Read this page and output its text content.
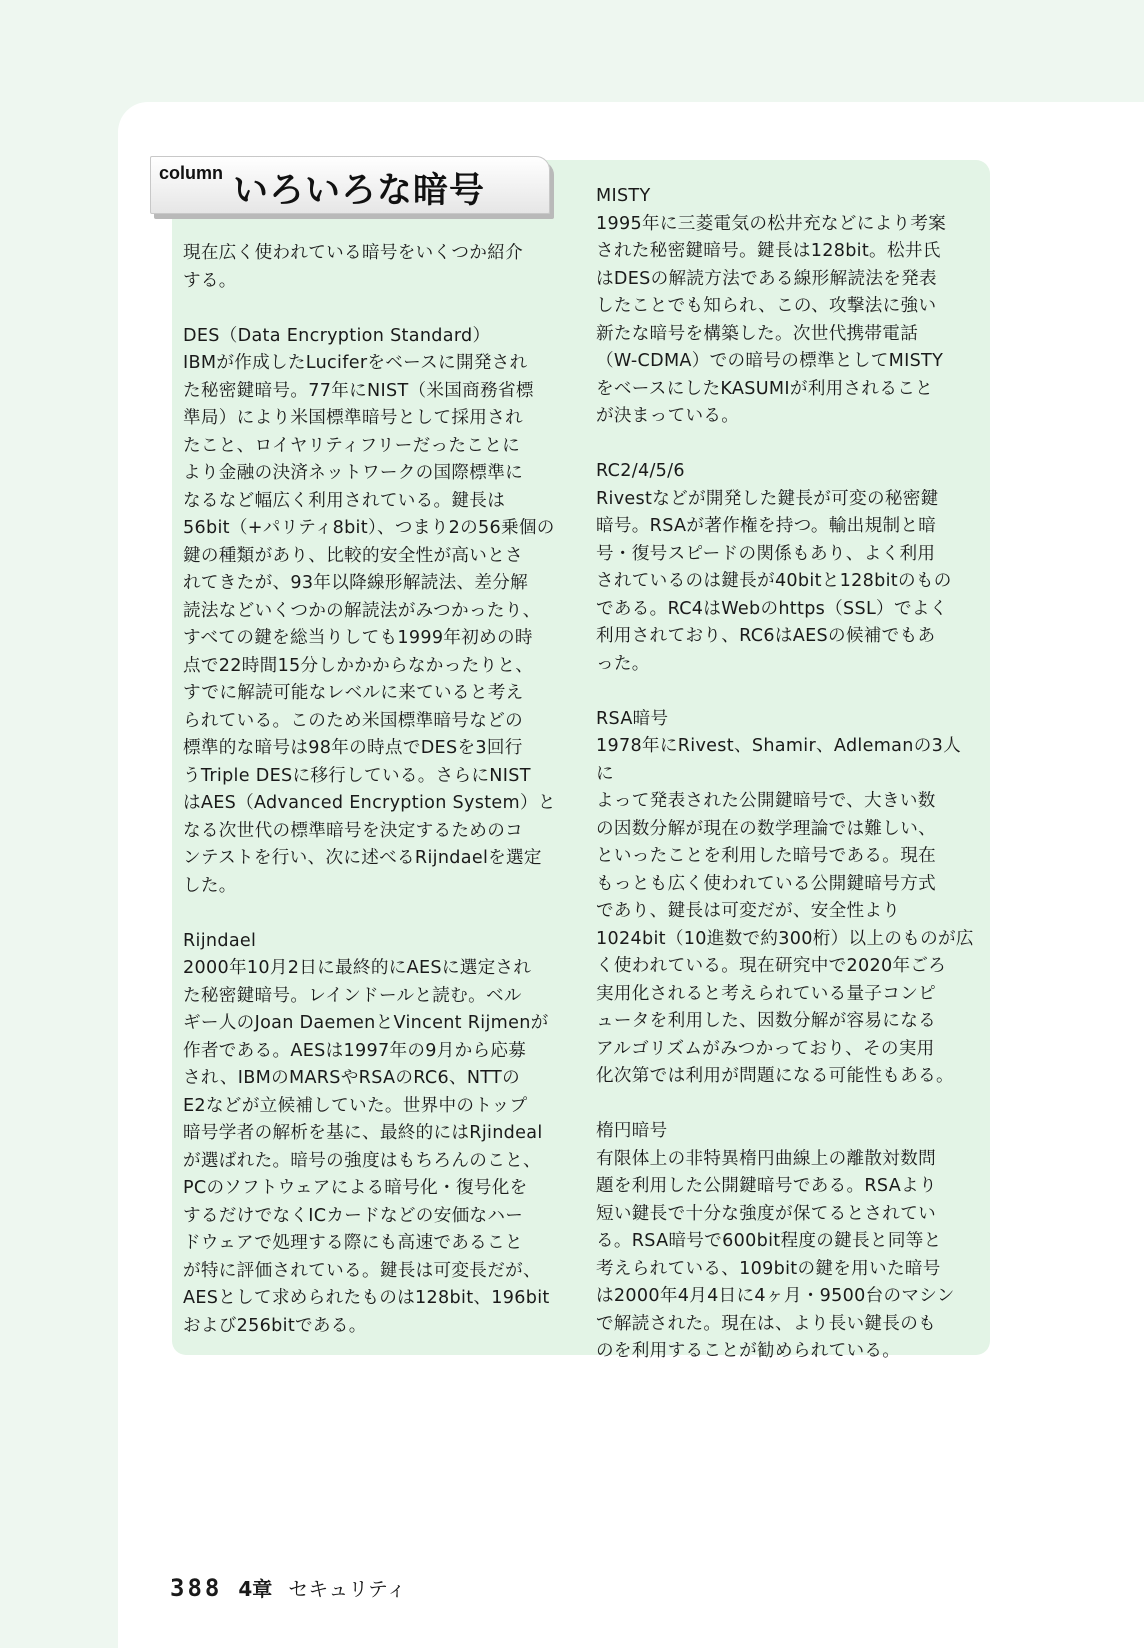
column いろいろな暗号

現在広く使われている暗号をいくつか紹介
する。

DES（Data Encryption Standard）
IBMが作成したLuciferをベースに開発され
た秘密鍵暗号。77年にNIST（米国商務省標
準局）により米国標準暗号として採用され
たこと、ロイヤリティフリーだったことに
より金融の決済ネットワークの国際標準に
なるなど幅広く利用されている。鍵長は
56bit（+パリティ8bit）、つまり2の56乗個の
鍵の種類があり、比較的安全性が高いとさ
れてきたが、93年以降線形解読法、差分解
読法などいくつかの解読法がみつかったり、
すべての鍵を総当りしても1999年初めの時
点で22時間15分しかかからなかったりと、
すでに解読可能なレベルに来ていると考え
られている。このため米国標準暗号などの
標準的な暗号は98年の時点でDESを3回行
うTriple DESに移行している。さらにNIST
はAES（Advanced Encryption System）と
なる次世代の標準暗号を決定するためのコ
ンテストを行い、次に述べるRijndaelを選定
した。

Rijndael
2000年10月2日に最終的にAESに選定され
た秘密鍵暗号。レインドールと読む。ベル
ギー人のJoan DaemenとVincent Rijmenが
作者である。AESは1997年の9月から応募
され、IBMのMARSやRSAのRC6、NTTの
E2などが立候補していた。世界中のトップ
暗号学者の解析を基に、最終的にはRjindeal
が選ばれた。暗号の強度はもちろんのこと、
PCのソフトウェアによる暗号化・復号化を
するだけでなくICカードなどの安価なハー
ドウェアで処理する際にも高速であること
が特に評価されている。鍵長は可変長だが、
AESとして求められたものは128bit、196bit
および256bitである。

MISTY
1995年に三菱電気の松井充などにより考案
された秘密鍵暗号。鍵長は128bit。松井氏
はDESの解読方法である線形解読法を発表
したことでも知られ、この、攻撃法に強い
新たな暗号を構築した。次世代携帯電話
（W-CDMA）での暗号の標準としてMISTY
をベースにしたKASUMIが利用されること
が決まっている。

RC2/4/5/6
Rivestなどが開発した鍵長が可変の秘密鍵
暗号。RSAが著作権を持つ。輸出規制と暗
号・復号スピードの関係もあり、よく利用
されているのは鍵長が40bitと128bitのもの
である。RC4はWebのhttps（SSL）でよく
利用されており、RC6はAESの候補でもあ
った。

RSA暗号
1978年にRivest、Shamir、Adlemanの3人に
よって発表された公開鍵暗号で、大きい数
の因数分解が現在の数学理論では難しい、
といったことを利用した暗号である。現在
もっとも広く使われている公開鍵暗号方式
であり、鍵長は可変だが、安全性より
1024bit（10進数で約300桁）以上のものが広
く使われている。現在研究中で2020年ごろ
実用化されると考えられている量子コンピ
ュータを利用した、因数分解が容易になる
アルゴリズムがみつかっており、その実用
化次第では利用が問題になる可能性もある。

楕円暗号
有限体上の非特異楕円曲線上の離散対数問
題を利用した公開鍵暗号である。RSAより
短い鍵長で十分な強度が保てるとされてい
る。RSA暗号で600bit程度の鍵長と同等と
考えられている、109bitの鍵を用いた暗号
は2000年4月4日に4ヶ月・9500台のマシン
で解読された。現在は、より長い鍵長のも
のを利用することが勧められている。

388 4章 セキュリティ
